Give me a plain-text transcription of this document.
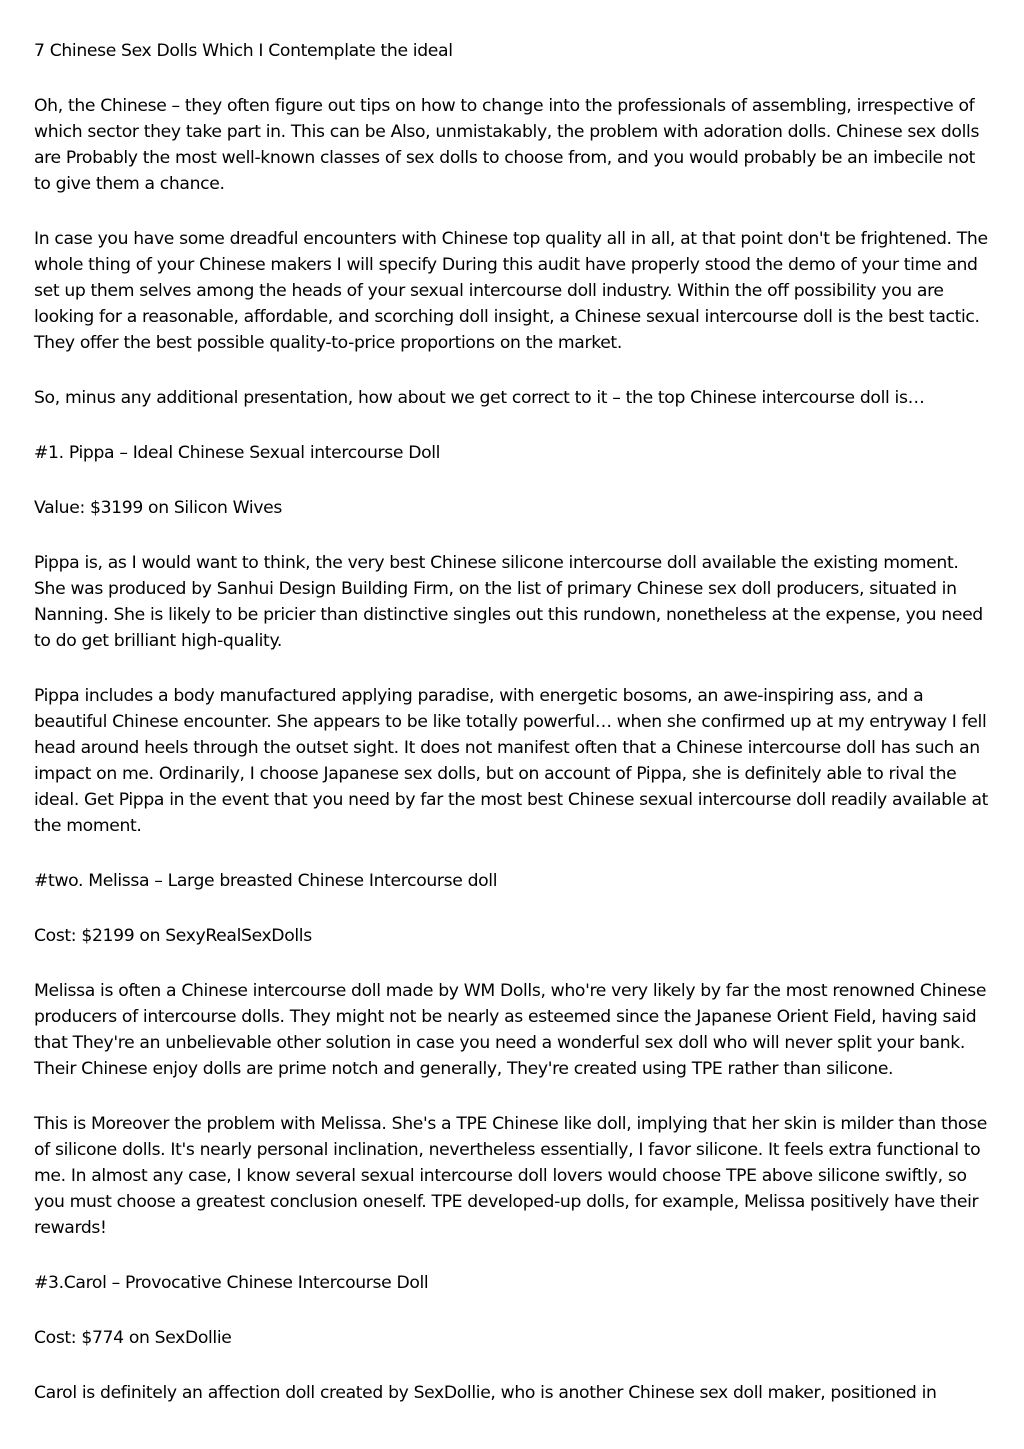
7 Chinese Sex Dolls Which I Contemplate the ideal

Oh, the Chinese – they often figure out tips on how to change into the professionals of assembling, irrespective of which sector they take part in. This can be Also, unmistakably, the problem with adoration dolls. Chinese sex dolls are Probably the most well-known classes of sex dolls to choose from, and you would probably be an imbecile not to give them a chance.

In case you have some dreadful encounters with Chinese top quality all in all, at that point don't be frightened. The whole thing of your Chinese makers I will specify During this audit have properly stood the demo of your time and set up them selves among the heads of your sexual intercourse doll industry. Within the off possibility you are looking for a reasonable, affordable, and scorching doll insight, a Chinese sexual intercourse doll is the best tactic. They offer the best possible quality-to-price proportions on the market.

So, minus any additional presentation, how about we get correct to it – the top Chinese intercourse doll is…

#1. Pippa – Ideal Chinese Sexual intercourse Doll

Value: $3199 on Silicon Wives

Pippa is, as I would want to think, the very best Chinese silicone intercourse doll available the existing moment. She was produced by Sanhui Design Building Firm, on the list of primary Chinese sex doll producers, situated in Nanning. She is likely to be pricier than distinctive singles out this rundown, nonetheless at the expense, you need to do get brilliant high-quality.

Pippa includes a body manufactured applying paradise, with energetic bosoms, an awe-inspiring ass, and a beautiful Chinese encounter. She appears to be like totally powerful… when she confirmed up at my entryway I fell head around heels through the outset sight. It does not manifest often that a Chinese intercourse doll has such an impact on me. Ordinarily, I choose Japanese sex dolls, but on account of Pippa, she is definitely able to rival the ideal. Get Pippa in the event that you need by far the most best Chinese sexual intercourse doll readily available at the moment.

#two. Melissa – Large breasted Chinese Intercourse doll

Cost: $2199 on SexyRealSexDolls

Melissa is often a Chinese intercourse doll made by WM Dolls, who're very likely by far the most renowned Chinese producers of intercourse dolls. They might not be nearly as esteemed since the Japanese Orient Field, having said that They're an unbelievable other solution in case you need a wonderful sex doll who will never split your bank. Their Chinese enjoy dolls are prime notch and generally, They're created using TPE rather than silicone.

This is Moreover the problem with Melissa. She's a TPE Chinese like doll, implying that her skin is milder than those of silicone dolls. It's nearly personal inclination, nevertheless essentially, I favor silicone. It feels extra functional to me. In almost any case, I know several sexual intercourse doll lovers would choose TPE above silicone swiftly, so you must choose a greatest conclusion oneself. TPE developed-up dolls, for example, Melissa positively have their rewards!

#3.Carol – Provocative Chinese Intercourse Doll

Cost: $774 on SexDollie

Carol is definitely an affection doll created by SexDollie, who is another Chinese sex doll maker, positioned in
